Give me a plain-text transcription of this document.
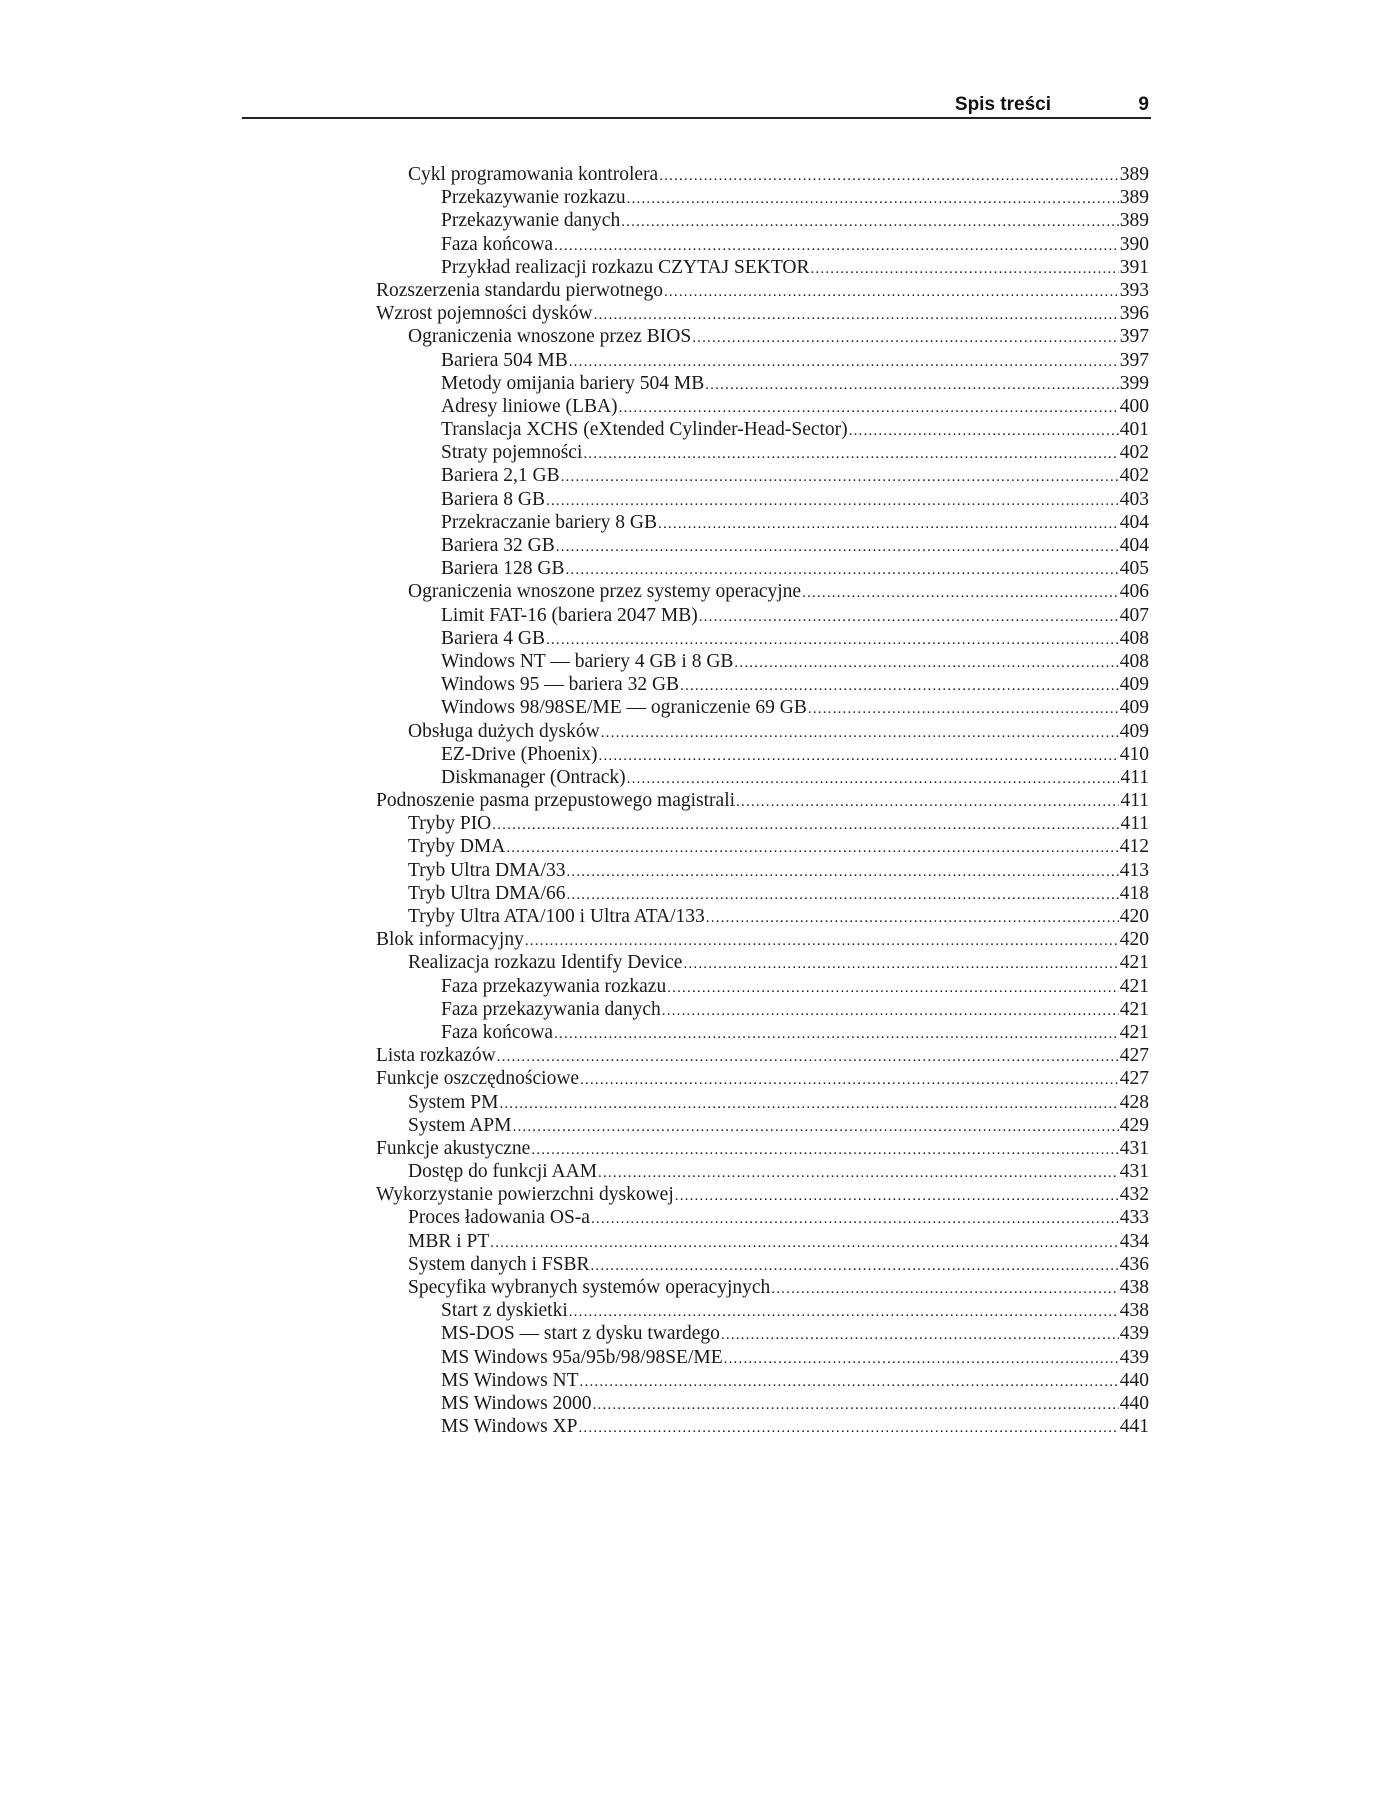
Spis treści	9
Cykl programowania kontrolera .....	389
Przekazywanie rozkazu .....	389
Przekazywanie danych .....	389
Faza końcowa .....	390
Przykład realizacji rozkazu CZYTAJ SEKTOR .....	391
Rozszerzenia standardu pierwotnego .....	393
Wzrost pojemności dysków .....	396
Ograniczenia wnoszone przez BIOS .....	397
Bariera 504 MB .....	397
Metody omijania bariery 504 MB .....	399
Adresy liniowe (LBA) .....	400
Translacja XCHS (eXtended Cylinder-Head-Sector) .....	401
Straty pojemności .....	402
Bariera 2,1 GB .....	402
Bariera 8 GB .....	403
Przekraczanie bariery 8 GB .....	404
Bariera 32 GB .....	404
Bariera 128 GB .....	405
Ograniczenia wnoszone przez systemy operacyjne .....	406
Limit FAT-16 (bariera 2047 MB) .....	407
Bariera 4 GB .....	408
Windows NT — bariery 4 GB i 8 GB .....	408
Windows 95 — bariera 32 GB .....	409
Windows 98/98SE/ME — ograniczenie 69 GB .....	409
Obsługa dużych dysków .....	409
EZ-Drive (Phoenix) .....	410
Diskmanager (Ontrack) .....	411
Podnoszenie pasma przepustowego magistrali .....	411
Tryby PIO .....	411
Tryby DMA .....	412
Tryb Ultra DMA/33 .....	413
Tryb Ultra DMA/66 .....	418
Tryby Ultra ATA/100 i Ultra ATA/133 .....	420
Blok informacyjny .....	420
Realizacja rozkazu Identify Device .....	421
Faza przekazywania rozkazu .....	421
Faza przekazywania danych .....	421
Faza końcowa .....	421
Lista rozkazów .....	427
Funkcje oszczędnościowe .....	427
System PM .....	428
System APM .....	429
Funkcje akustyczne .....	431
Dostęp do funkcji AAM .....	431
Wykorzystanie powierzchni dyskowej .....	432
Proces ładowania OS-a .....	433
MBR i PT .....	434
System danych i FSBR .....	436
Specyfika wybranych systemów operacyjnych .....	438
Start z dyskietki .....	438
MS-DOS — start z dysku twardego .....	439
MS Windows 95a/95b/98/98SE/ME .....	439
MS Windows NT .....	440
MS Windows 2000 .....	440
MS Windows XP .....	441
